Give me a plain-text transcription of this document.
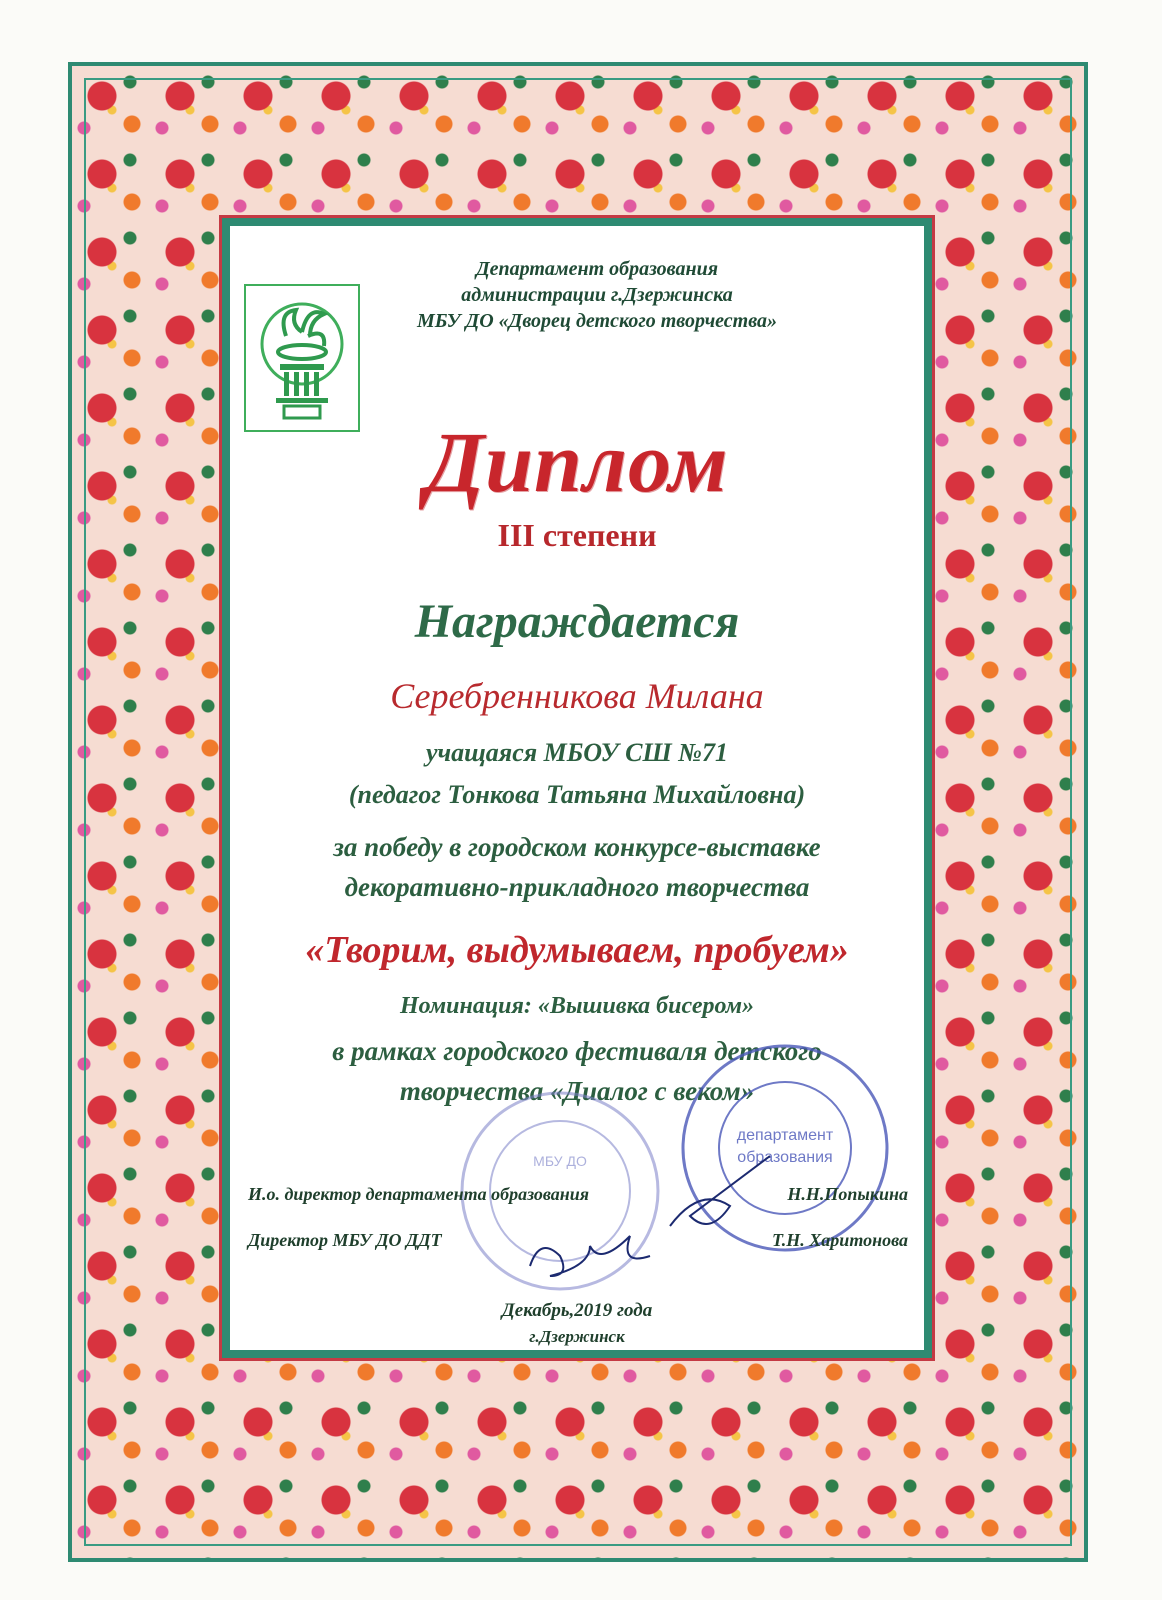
Департамент образования
администрации г.Дзержинска
МБУ ДО «Дворец детского творчества»
Диплом
III степени
Награждается
Серебренникова Милана
учащаяся МБОУ СШ №71
(педагог Тонкова Татьяна Михайловна)
за победу в городском конкурсе-выставке
декоративно-прикладного творчества
«Творим, выдумываем, пробуем»
Номинация: «Вышивка бисером»
в рамках городского фестиваля детского
творчества «Диалог с веком»
МБУ ДО
департамент
образования
И.о. директор департамента образования	Н.Н.Попыкина
Директор МБУ ДО ДДТ	Т.Н. Харитонова
Декабрь,2019 года
г.Дзержинск
